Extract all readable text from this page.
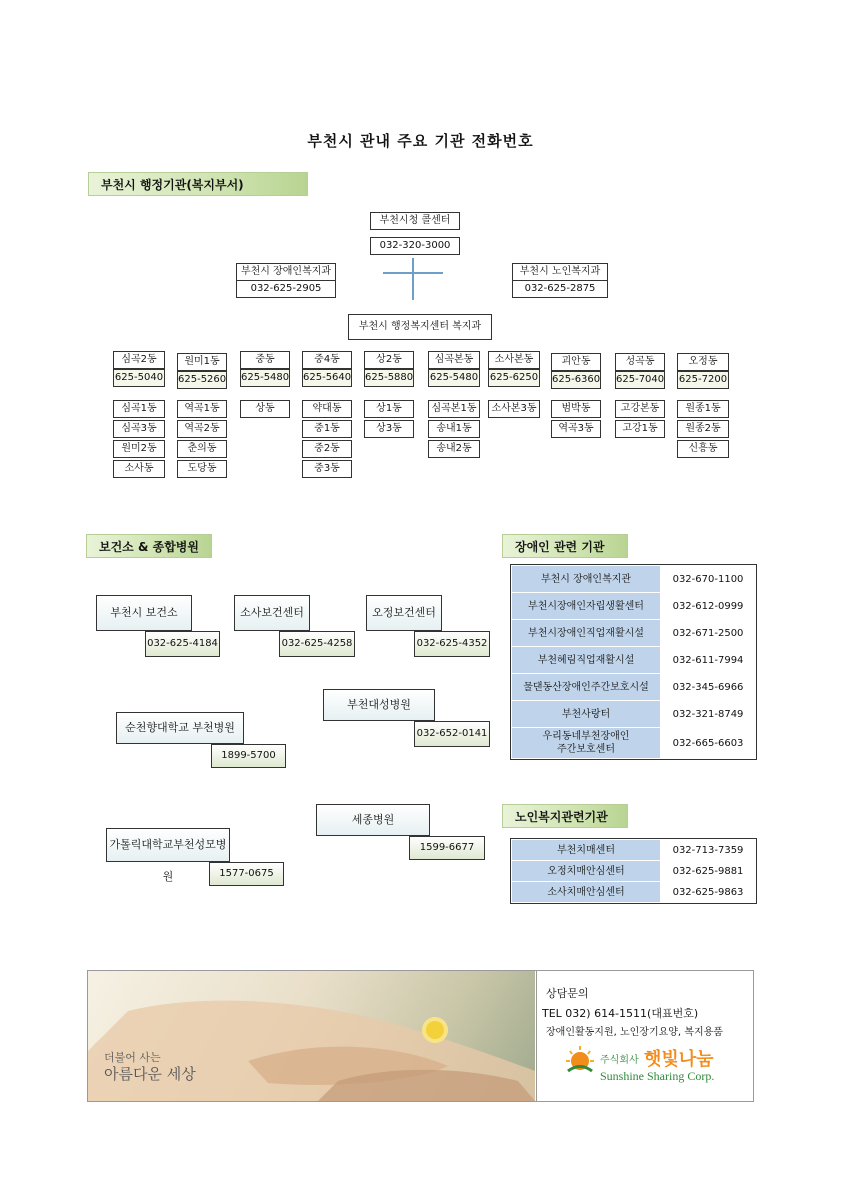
부천시 관내 주요 기관 전화번호
부천시 행정기관(복지부서)
부천시청 콜센터
032-320-3000
부천시 장애인복지과
032-625-2905
부천시 노인복지과
032-625-2875
부천시 행정복지센터 복지과
심곡2동
625-5040
심곡1동
심곡3동
원미2동
소사동
원미1동
625-5260
역곡1동
역곡2동
춘의동
도당동
중동
625-5480
상동
중4동
625-5640
약대동
중1동
중2동
중3동
상2동
625-5880
상1동
상3동
심곡본동
625-5480
심곡본1동
송내1동
송내2동
소사본동
625-6250
소사본3동
괴안동
625-6360
범박동
역곡3동
성곡동
625-7040
고강본동
고강1동
오정동
625-7200
원종1동
원종2동
신흥동
보건소 & 종합병원
부천시 보건소
032-625-4184
소사보건센터
032-625-4258
오정보건센터
032-625-4352
부천대성병원
032-652-0141
순천향대학교 부천병원
1899-5700
세종병원
1599-6677
가톨릭대학교부천성모병원	1577-0675
장애인 관련 기관
부천시 장애인복지관	032-670-1100
부천시장애인자립생활센터	032-612-0999
부천시장애인직업재활시설	032-671-2500
부천혜림직업재활시설	032-611-7994
물댄동산장애인주간보호시설	032-345-6966
부천사랑터	032-321-8749
우리동네부천장애인
주간보호센터	032-665-6603
노인복지관련기관
부천치매센터	032-713-7359
오정치매안심센터	032-625-9881
소사치매안심센터	032-625-9863
더불어 사는
아름다운 세상
상담문의
TEL 032) 614-1511(대표번호)
장애인활동지원, 노인장기요양, 복지용품
주식회사 햇빛나눔
Sunshine Sharing Corp.
